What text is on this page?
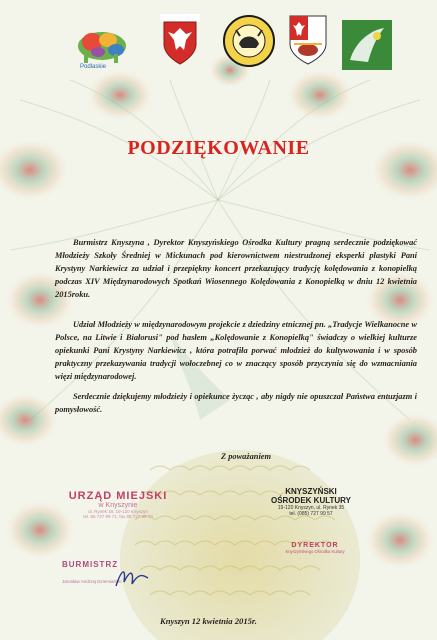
Podlaskie
PODZIĘKOWANIE

Burmistrz Knyszyna , Dyrektor Knyszyńskiego Ośrodka Kultury pragną serdecznie podziękować Młodzieży Szkoły Średniej w Mickunach pod kierownictwem niestrudzonej eksperki plastyki Pani Krystyny Narkiewicz za udział i przepiękny koncert przekazujący tradycję kolędowania z konopielką podczas XIV Międzynarodowych Spotkań Wiosennego Kolędowania z Konopielką w dniu 12 kwietnia 2015roku.

Udział Młodzieży w międzynarodowym projekcie z dziedziny etnicznej pn. „Tradycje Wielkanocne w Polsce, na Litwie i Białorusi" pod hasłem „Kolędowanie z Konopielką" świadczy o wielkiej kulturze opiekunki Pani Krystyny Narkiewicz , która potrafiła porwać młodzież do kultywowania i w sposób praktyczny przekazywania tradycji wołoczebnej co w znaczący sposób przyczynia się do wzmacniania więzi międzynarodowej.

Serdecznie dziękujemy młodzieży i opiekunce życząc , aby nigdy nie opuszczał Państwa entuzjazm i pomysłowość.

Z poważaniem

URZĄD MIEJSKI
w Knyszynie
ul. Rynek 18, 19-120 Knyszyn
tel. 85 727 99 71, fax 85 727 99 70
BURMISTRZ
Jarosław Andrzej Dziemiański
KNYSZYŃSKI
OŚRODEK KULTURY
19-120 Knyszyn, ul. Rynek 35
tel. (085) 727 99 57
DYREKTOR
Knyszyńskiego Ośrodka Kultury

Knyszyn 12 kwietnia 2015r.
